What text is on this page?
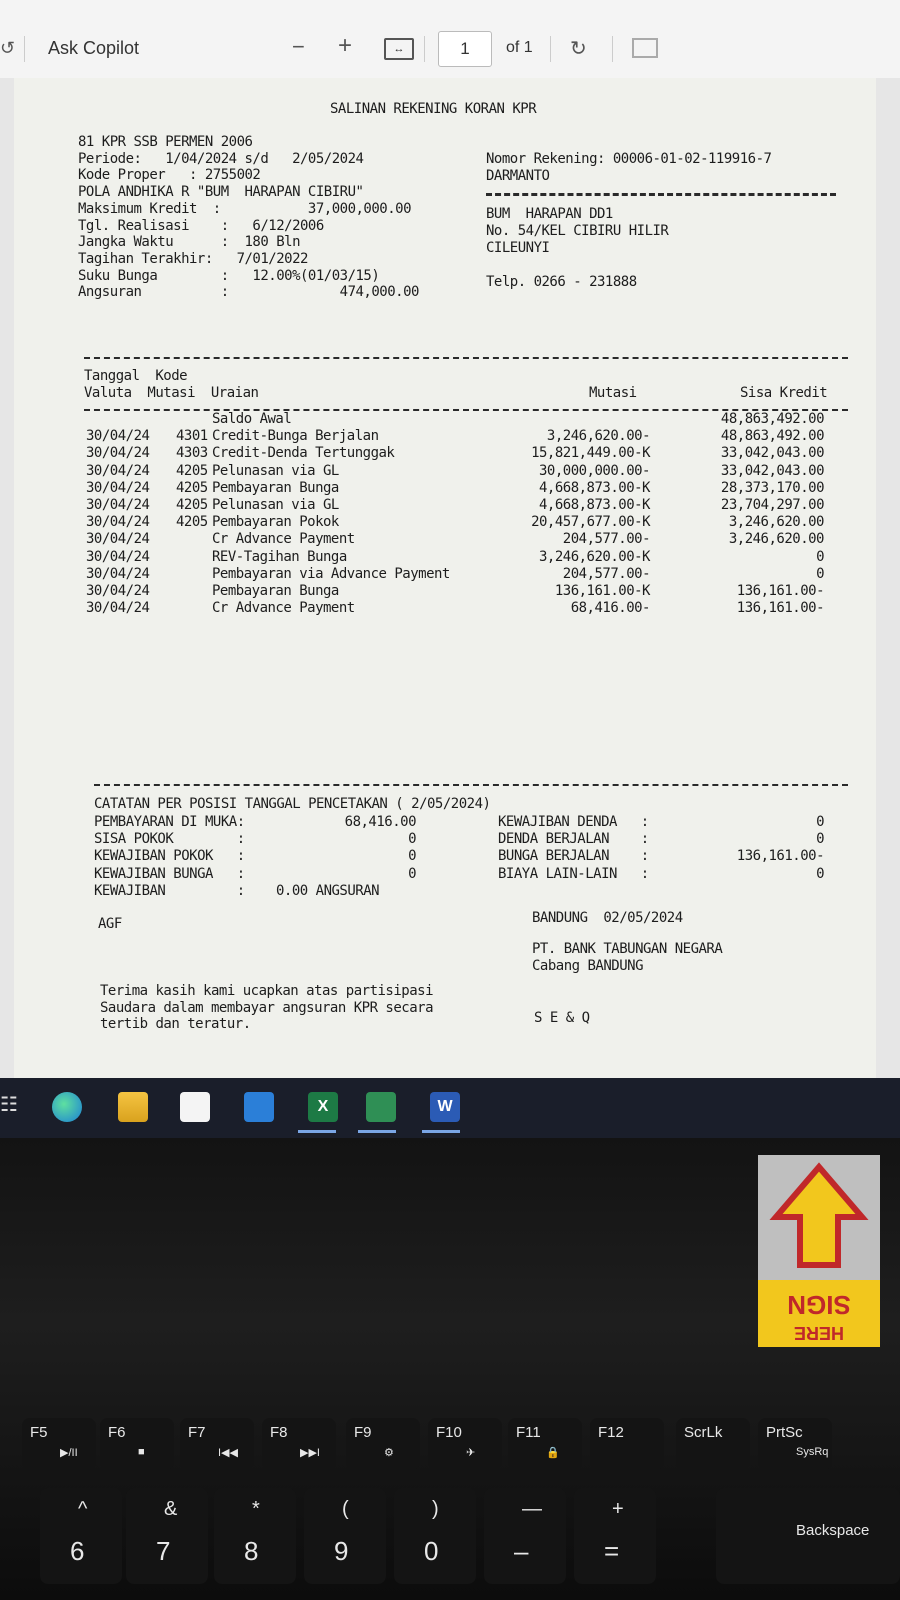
↺ Ask Copilot	− +	↔	1	of 1 ↻
SALINAN REKENING KORAN KPR
81 KPR SSB PERMEN 2006
Periode:   1/04/2024 s/d   2/05/2024
Kode Proper   : 2755002
POLA ANDHIKA R "BUM  HARAPAN CIBIRU"
Maksimum Kredit  :           37,000,000.00
Tgl. Realisasi    :   6/12/2006
Jangka Waktu      :  180 Bln
Tagihan Terakhir:   7/01/2022
Suku Bunga        :   12.00%(01/03/15)
Angsuran          :              474,000.00
Nomor Rekening: 00006-01-02-119916-7
DARMANTO
BUM  HARAPAN DD1
No. 54/KEL CIBIRU HILIR
CILEUNYI
Telp. 0266 - 231888
Tanggal  Kode
Valuta  Mutasi  Uraian	Mutasi	Sisa Kredit
Saldo Awal	48,863,492.00
30/04/24 4301 Credit-Bunga Berjalan	3,246,620.00-	48,863,492.00
30/04/24 4303 Credit-Denda Tertunggak	15,821,449.00-K	33,042,043.00
30/04/24 4205 Pelunasan via GL	30,000,000.00-	33,042,043.00
30/04/24 4205 Pembayaran Bunga	4,668,873.00-K	28,373,170.00
30/04/24 4205 Pelunasan via GL	4,668,873.00-K	23,704,297.00
30/04/24 4205 Pembayaran Pokok	20,457,677.00-K	3,246,620.00
30/04/24	Cr Advance Payment	204,577.00-	3,246,620.00
30/04/24	REV-Tagihan Bunga	3,246,620.00-K	0
30/04/24	Pembayaran via Advance Payment	204,577.00-	0
30/04/24	Pembayaran Bunga	136,161.00-K	136,161.00-
30/04/24	Cr Advance Payment	68,416.00-	136,161.00-
CATATAN PER POSISI TANGGAL PENCETAKAN ( 2/05/2024)
PEMBAYARAN DI MUKA:	68,416.00
SISA POKOK        :	0
KEWAJIBAN POKOK   :	0
KEWAJIBAN BUNGA   :	0
KEWAJIBAN         : 0.00 ANGSURAN
KEWAJIBAN DENDA   :	0
DENDA BERJALAN    :	0
BUNGA BERJALAN    :	136,161.00-
BIAYA LAIN-LAIN   :	0
AGF	BANDUNG  02/05/2024
PT. BANK TABUNGAN NEGARA
Cabang BANDUNG
Terima kasih kami ucapkan atas partisipasi
Saudara dalam membayar angsuran KPR secara
tertib dan teratur.	S E & Q
☷	X	W
HERE
SIGN
F5
▶/II
F6
■
F7
I◀◀
F8
▶▶I
F9
⚙
F10
✈
F11
🔒
F12	ScrLk	PrtSc
SysRq
^
6
&
7
*
8
(
9
)
0
—
–
+
=
Backspace
